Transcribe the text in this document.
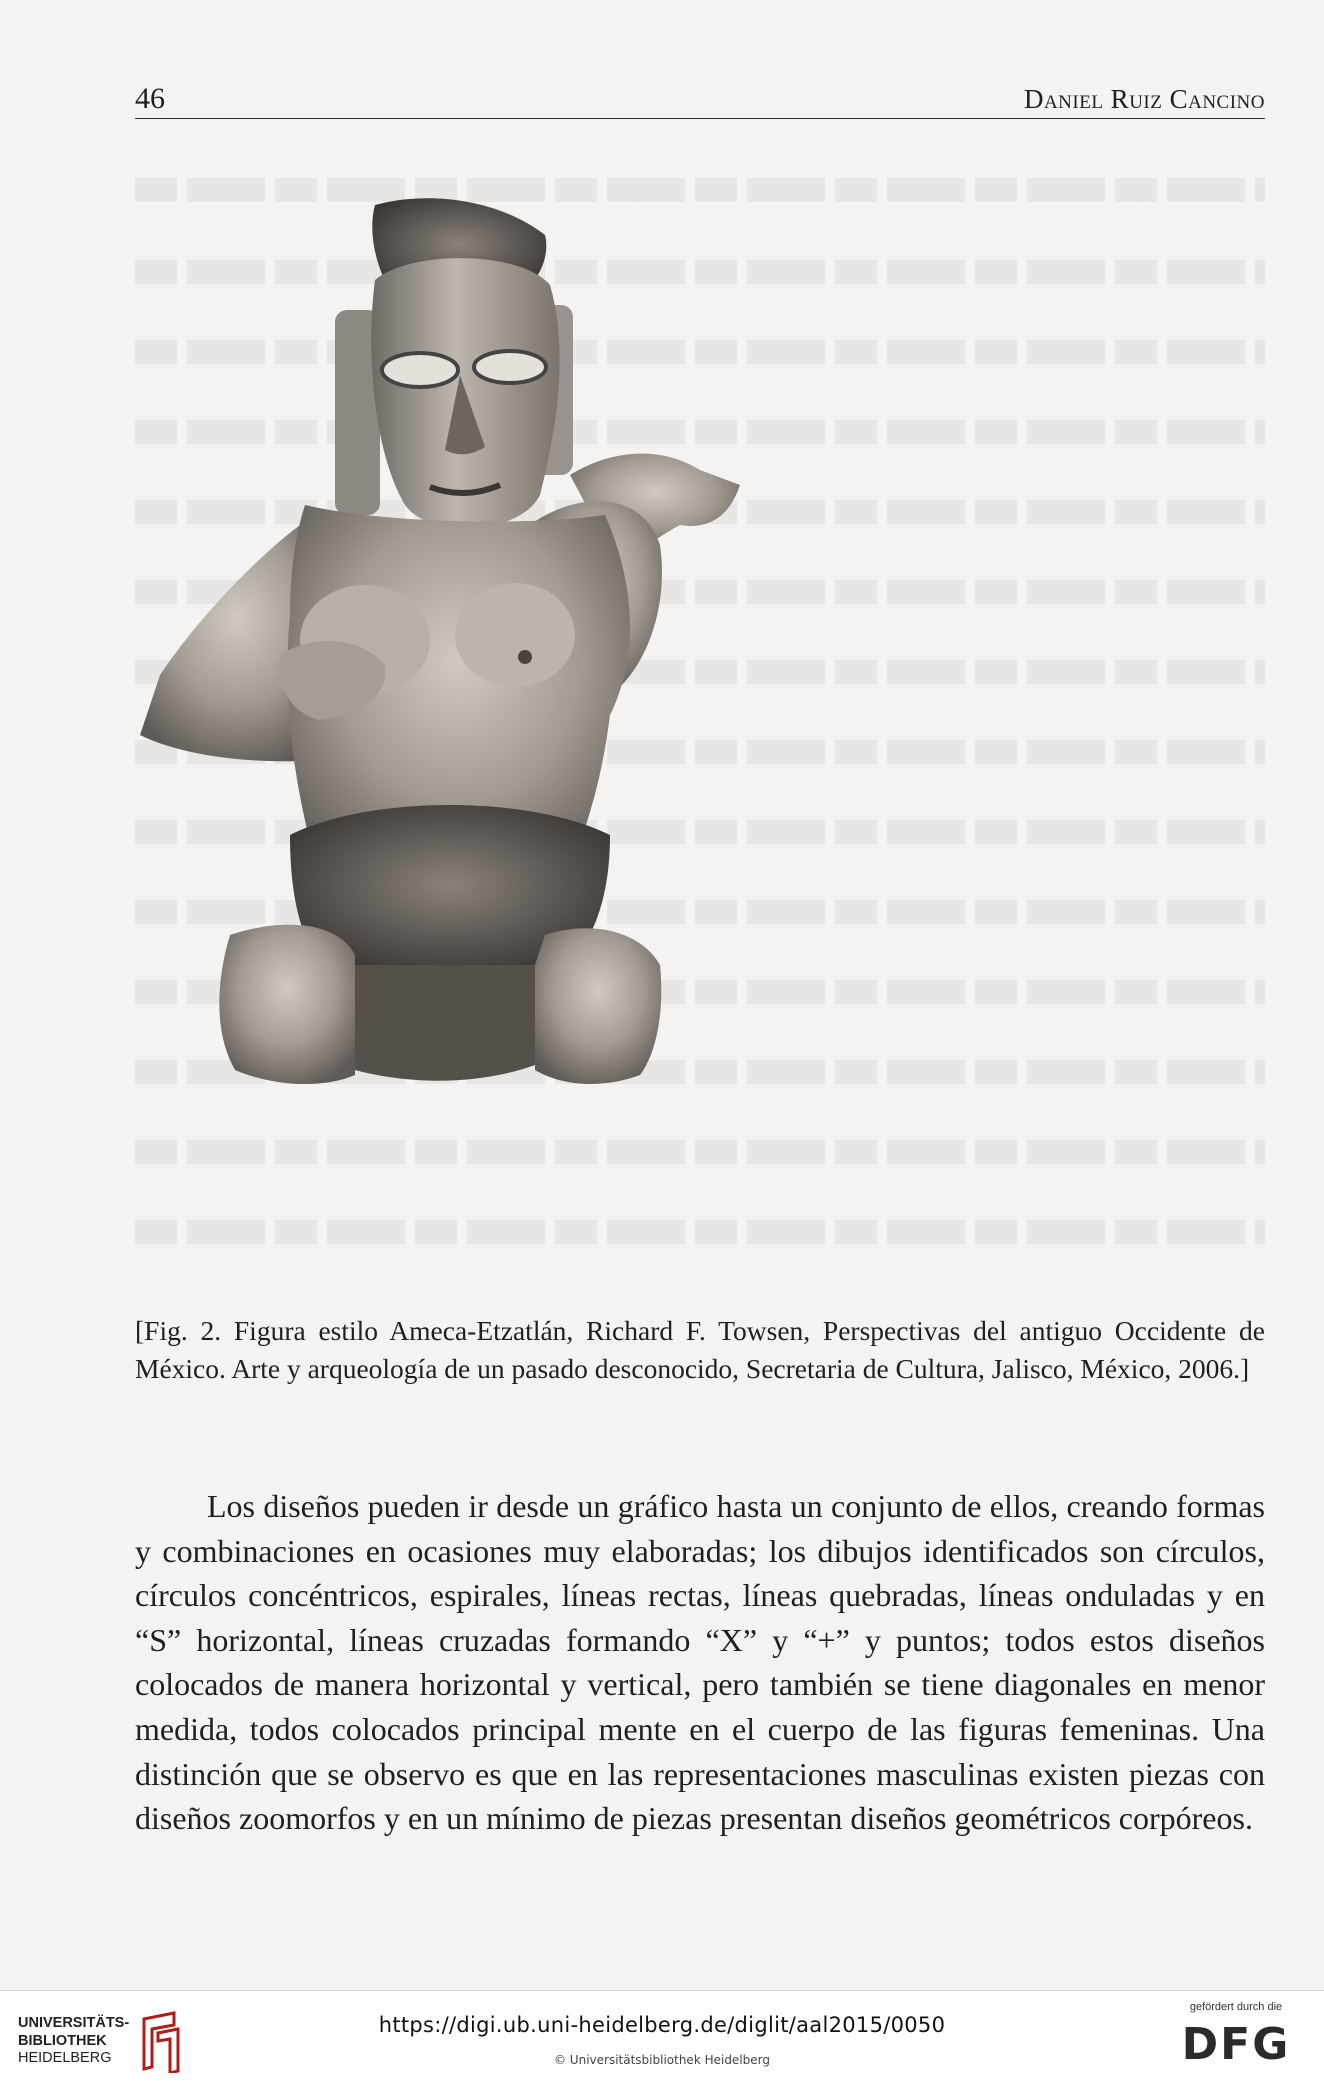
46	Daniel Ruiz Cancino

[Fig. 2. Figura estilo Ameca-Etzatlán, Richard F. Towsen, Perspectivas del antiguo Occidente de México. Arte y arqueología de un pasado desconocido, Secretaria de Cultura, Jalisco, México, 2006.]

Los diseños pueden ir desde un gráfico hasta un conjunto de ellos, creando formas y combinaciones en ocasiones muy elaboradas; los dibujos identificados son círculos, círculos concéntricos, espirales, líneas rectas, líneas quebradas, líneas onduladas y en “S” horizontal, líneas cruzadas formando “X” y “+” y puntos; todos estos diseños colocados de manera horizontal y vertical, pero también se tiene diagonales en menor medida, todos colocados principal mente en el cuerpo de las figuras femeninas. Una distinción que se observo es que en las representaciones masculinas existen piezas con diseños zoomorfos y en un mínimo de piezas presentan diseños geométricos corpóreos.

UNIVERSITÄTS-
BIBLIOTHEK
HEIDELBERG
https://digi.ub.uni-heidelberg.de/diglit/aal2015/0050
© Universitätsbibliothek Heidelberg
gefördert durch die
DFG
